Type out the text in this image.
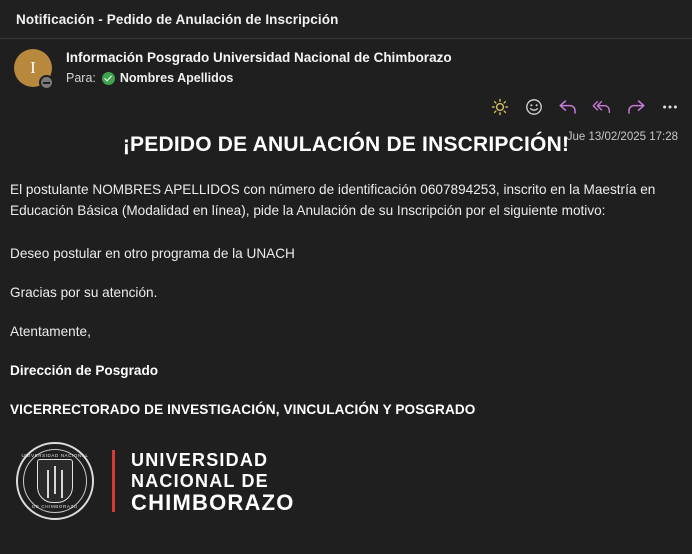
Notificación - Pedido de Anulación de Inscripción
I
Información Posgrado Universidad Nacional de Chimborazo
Para: Nombres Apellidos
Jue 13/02/2025 17:28
¡PEDIDO DE ANULACIÓN DE INSCRIPCIÓN!

El postulante NOMBRES APELLIDOS con número de identificación 0607894253, inscrito en la Maestría en Educación Básica (Modalidad en línea), pide la Anulación de su Inscripción por el siguiente motivo:

Deseo postular en otro programa de la UNACH

Gracias por su atención.

Atentamente,

Dirección de Posgrado

VICERRECTORADO DE INVESTIGACIÓN, VINCULACIÓN Y POSGRADO

UNIVERSIDAD NACIONAL
DE CHIMBORAZO
UNIVERSIDAD
NACIONAL DE
CHIMBORAZO
